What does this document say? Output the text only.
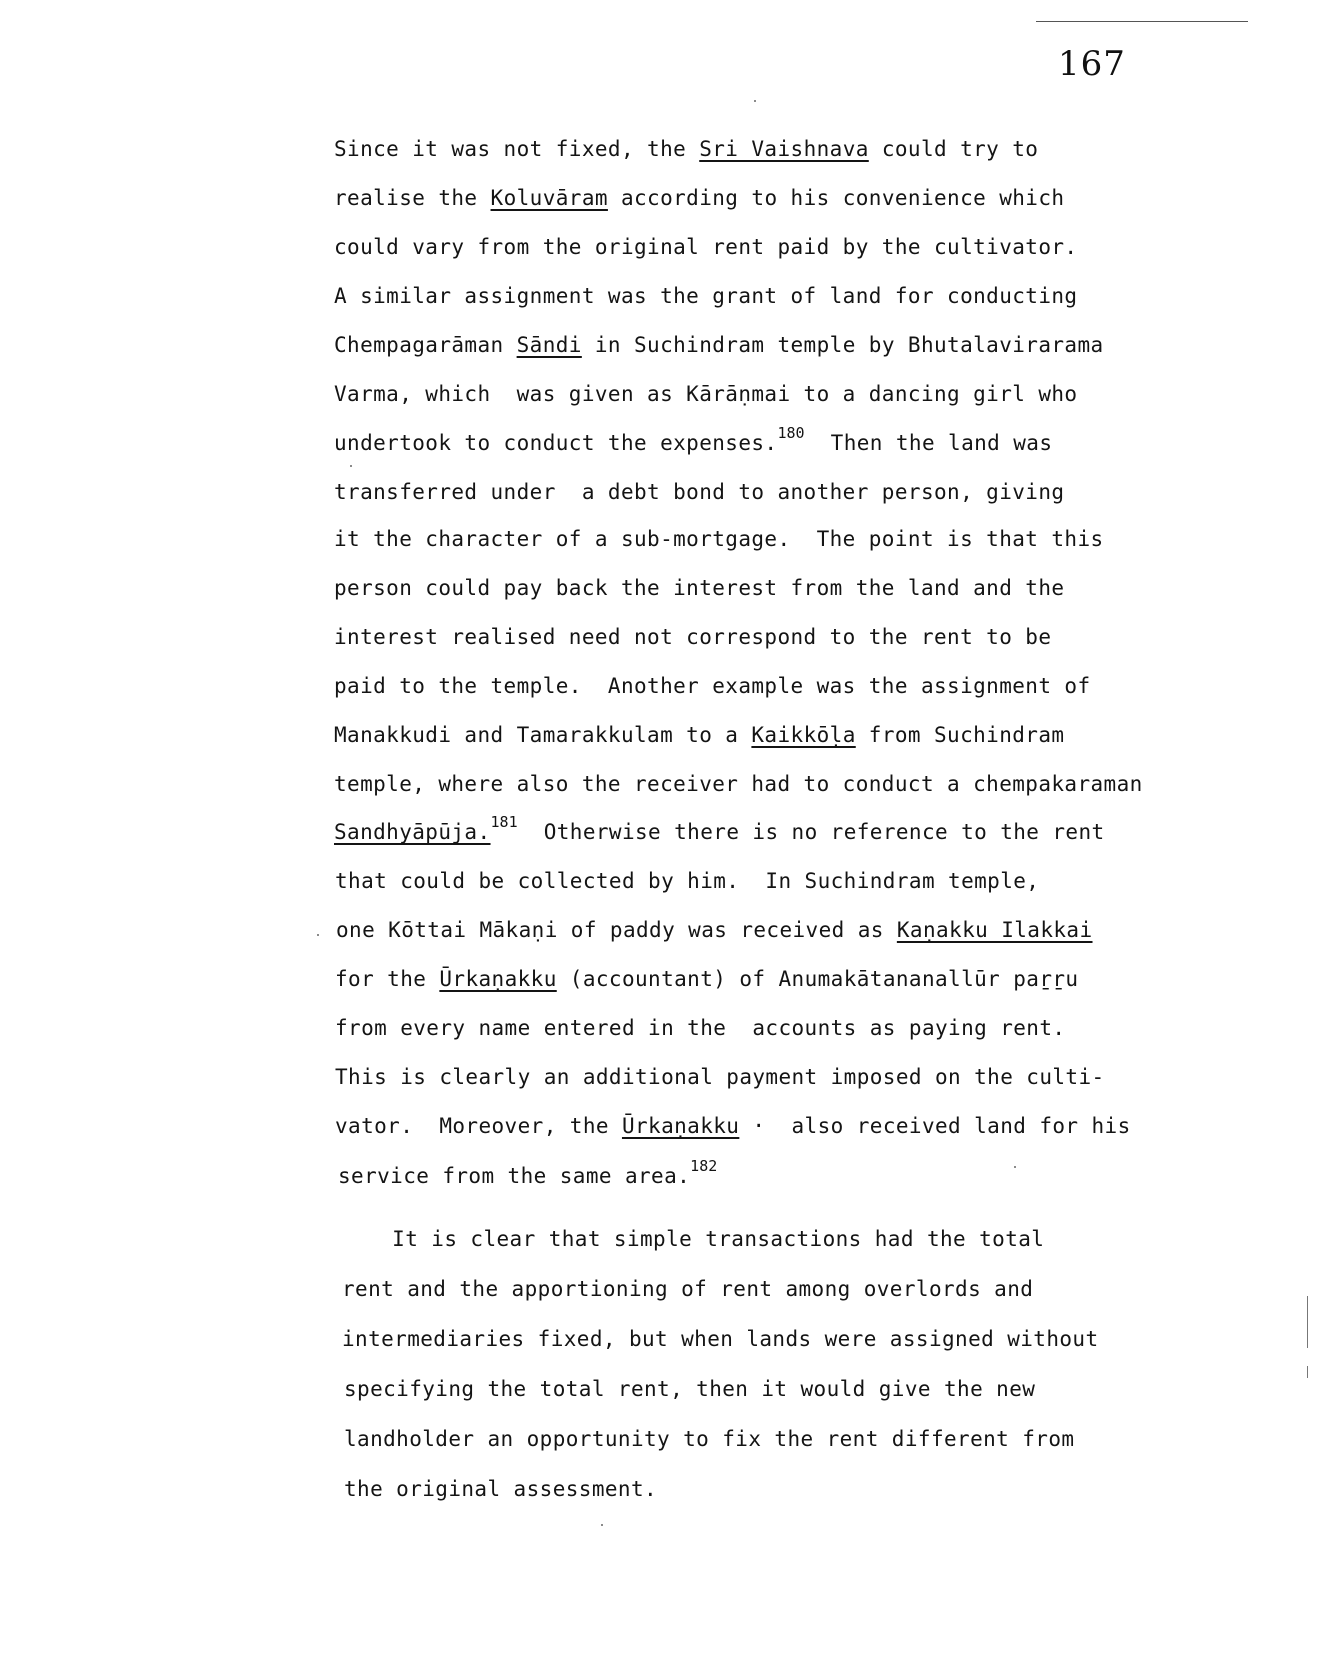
167
Since it was not fixed, the Sri Vaishnava could try to
realise the Koluvāram according to his convenience which
could vary from the original rent paid by the cultivator.
A similar assignment was the grant of land for conducting
Chempagarāman Sāndi in Suchindram temple by Bhutalavirarama
Varma, which  was given as Kārāṇmai to a dancing girl who
undertook to conduct the expenses.$^{180}$  Then the land was
transferred under  a debt bond to another person, giving
it the character of a sub-mortgage.  The point is that this
person could pay back the interest from the land and the
interest realised need not correspond to the rent to be
paid to the temple.  Another example was the assignment of
Manakkudi and Tamarakkulam to a Kaikkōḷa from Suchindram
temple, where also the receiver had to conduct a chempakaraman
Sandhyāpūja.$^{181}$  Otherwise there is no reference to the rent
that could be collected by him.  In Suchindram temple,
one Kōttai Mākaṇi of paddy was received as Kaṇakku Ilakkai
for the Ūrkaṇakku (accountant) of Anumakātananallūr paṟṟu
from every name entered in the  accounts as paying rent.
This is clearly an additional payment imposed on the culti-
vator.  Moreover, the Ūrkaṇakku ·  also received land for his
service from the same area.$^{182}$
It is clear that simple transactions had the total
rent and the apportioning of rent among overlords and
intermediaries fixed, but when lands were assigned without
specifying the total rent, then it would give the new
landholder an opportunity to fix the rent different from
the original assessment.
